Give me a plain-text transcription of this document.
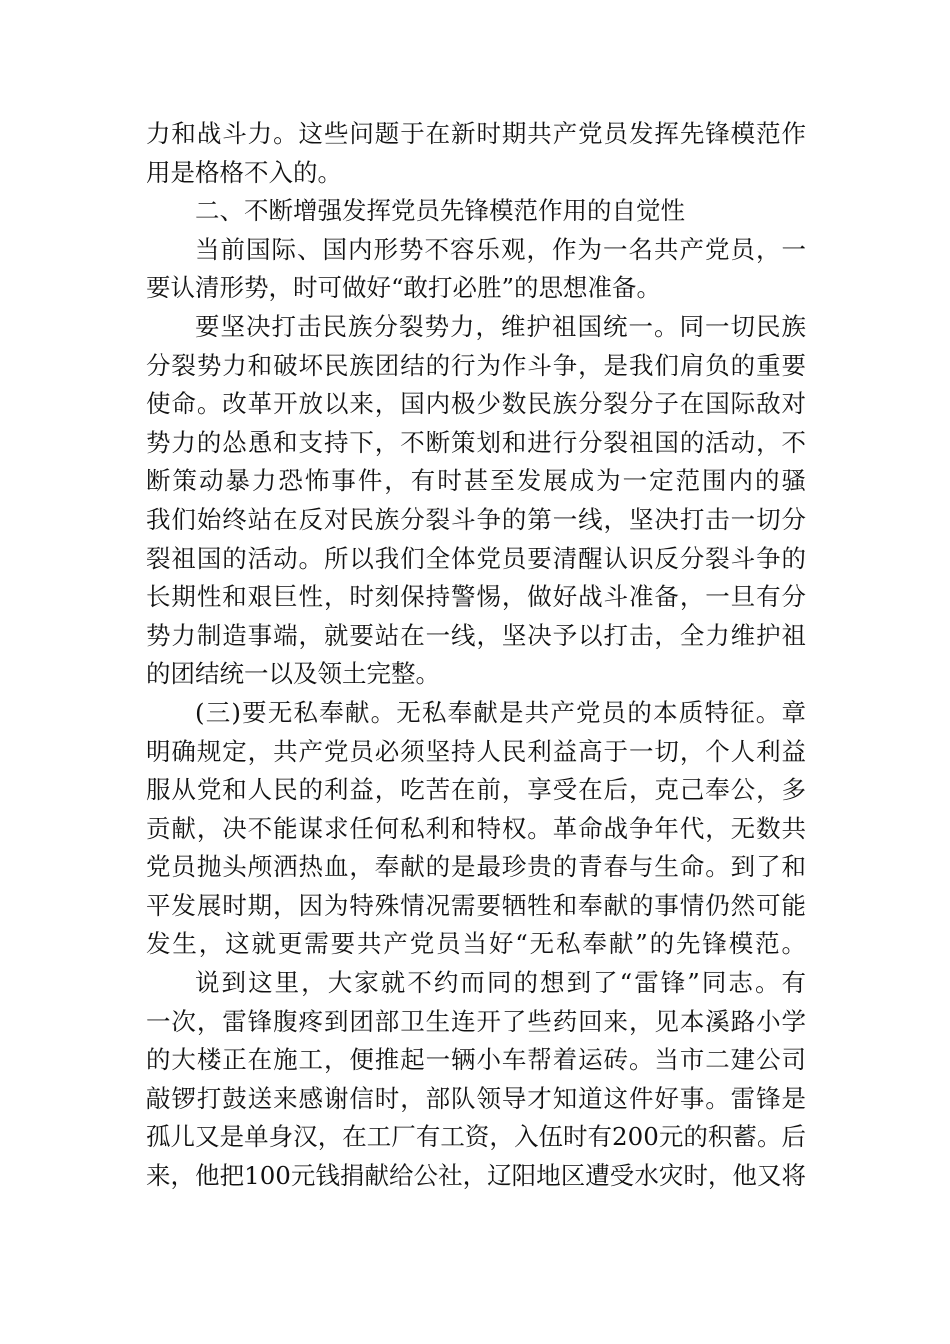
力和战斗力。这些问题于在新时期共产党员发挥先锋模范作
用是格格不入的。
二、不断增强发挥党员先锋模范作用的自觉性
当前国际、国内形势不容乐观，作为一名共产党员，一
要认清形势，时可做好“敢打必胜”的思想准备。
要坚决打击民族分裂势力，维护祖国统一。同一切民族
分裂势力和破坏民族团结的行为作斗争，是我们肩负的重要
使命。改革开放以来，国内极少数民族分裂分子在国际敌对
势力的怂恿和支持下，不断策划和进行分裂祖国的活动，不
断策动暴力恐怖事件，有时甚至发展成为一定范围内的骚
我们始终站在反对民族分裂斗争的第一线，坚决打击一切分
裂祖国的活动。所以我们全体党员要清醒认识反分裂斗争的
长期性和艰巨性，时刻保持警惕，做好战斗准备，一旦有分
势力制造事端，就要站在一线，坚决予以打击，全力维护祖
的团结统一以及领土完整。
(三)要无私奉献。无私奉献是共产党员的本质特征。章
明确规定，共产党员必须坚持人民利益高于一切，个人利益
服从党和人民的利益，吃苦在前，享受在后，克己奉公，多
贡献，决不能谋求任何私利和特权。革命战争年代，无数共
党员抛头颅洒热血，奉献的是最珍贵的青春与生命。到了和
平发展时期，因为特殊情况需要牺牲和奉献的事情仍然可能
发生，这就更需要共产党员当好“无私奉献”的先锋模范。
说到这里，大家就不约而同的想到了“雷锋”同志。有
一次，雷锋腹疼到团部卫生连开了些药回来，见本溪路小学
的大楼正在施工，便推起一辆小车帮着运砖。当市二建公司
敲锣打鼓送来感谢信时，部队领导才知道这件好事。雷锋是
孤儿又是单身汉，在工厂有工资，入伍时有200元的积蓄。后
来，他把100元钱捐献给公社，辽阳地区遭受水灾时，他又将
